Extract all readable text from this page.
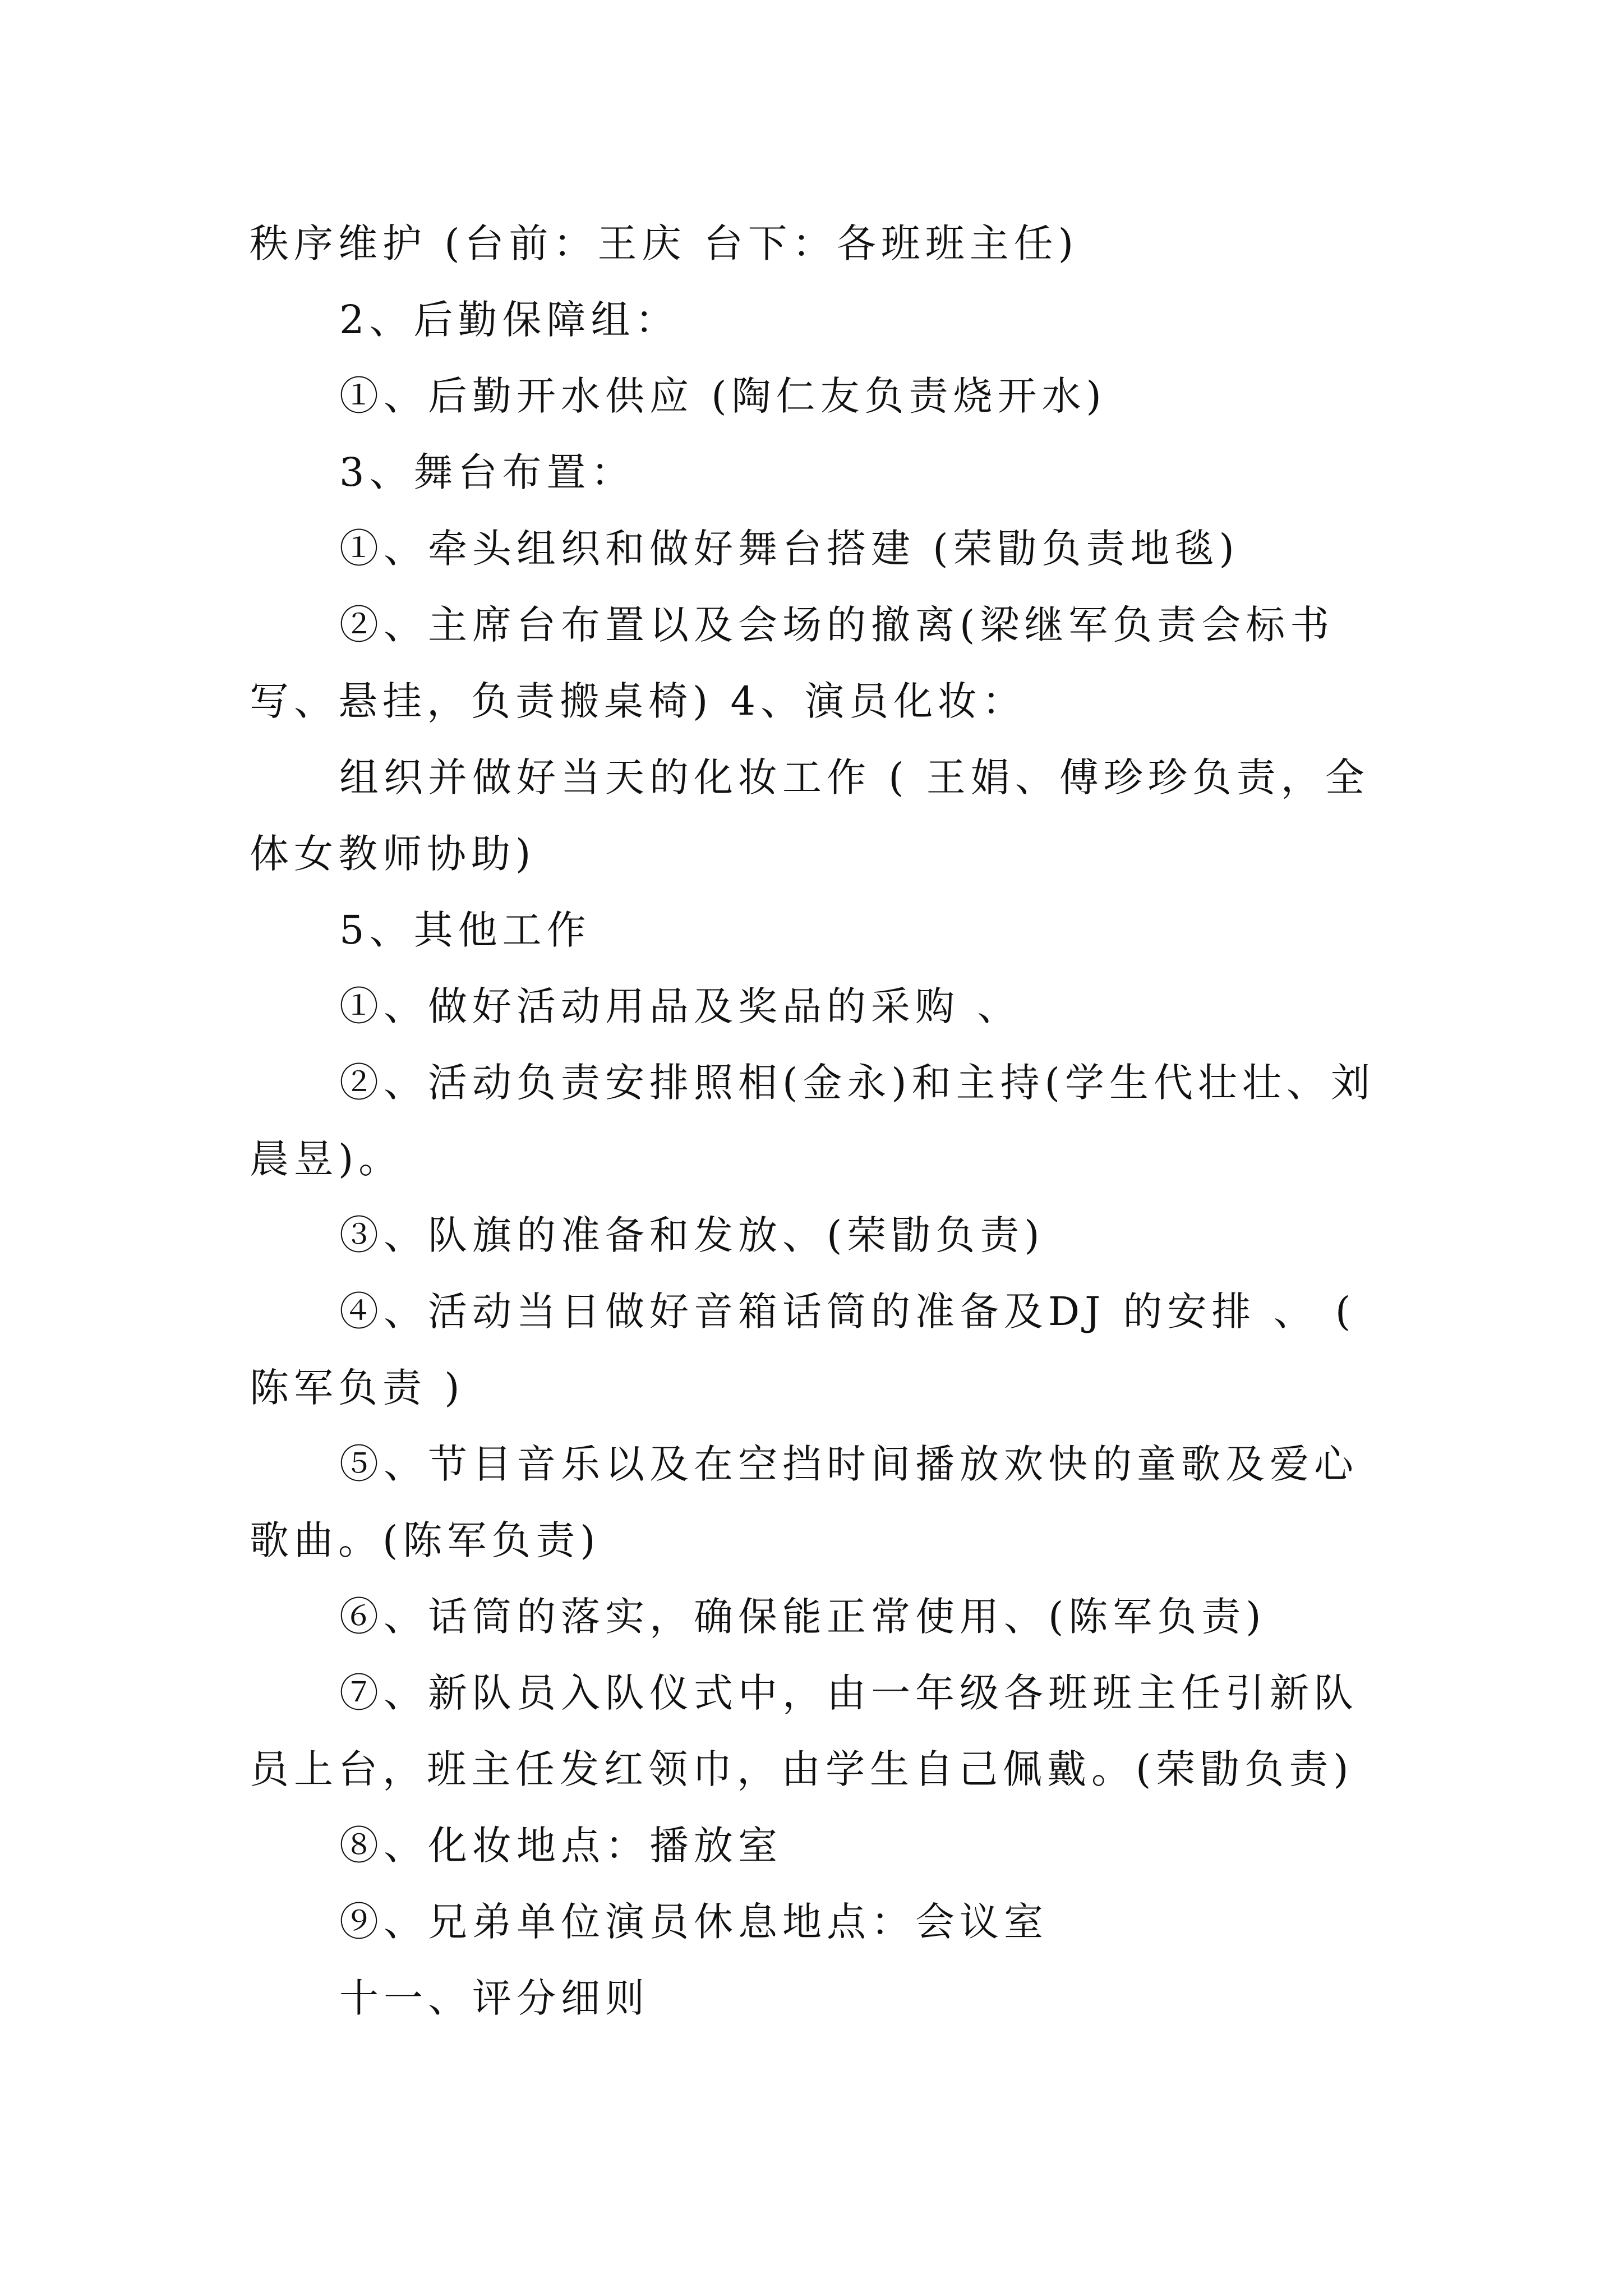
秩序维护 (台前：王庆 台下：各班班主任)

2、后勤保障组：

①、后勤开水供应 (陶仁友负责烧开水)

3、舞台布置：

①、牵头组织和做好舞台搭建 (荣勖负责地毯)

②、主席台布置以及会场的撤离(梁继军负责会标书写、悬挂，负责搬桌椅) 4、演员化妆：

组织并做好当天的化妆工作 ( 王娟、傅珍珍负责，全体女教师协助)

5、其他工作

①、做好活动用品及奖品的采购 、

②、活动负责安排照相(金永)和主持(学生代壮壮、刘晨昱)。

③、队旗的准备和发放、(荣勖负责)

④、活动当日做好音箱话筒的准备及DJ 的安排 、 ( 陈军负责 )

⑤、节目音乐以及在空挡时间播放欢快的童歌及爱心歌曲。(陈军负责)

⑥、话筒的落实，确保能正常使用、(陈军负责)

⑦、新队员入队仪式中，由一年级各班班主任引新队员上台，班主任发红领巾，由学生自己佩戴。(荣勖负责)

⑧、化妆地点：播放室

⑨、兄弟单位演员休息地点：会议室

十一、评分细则
